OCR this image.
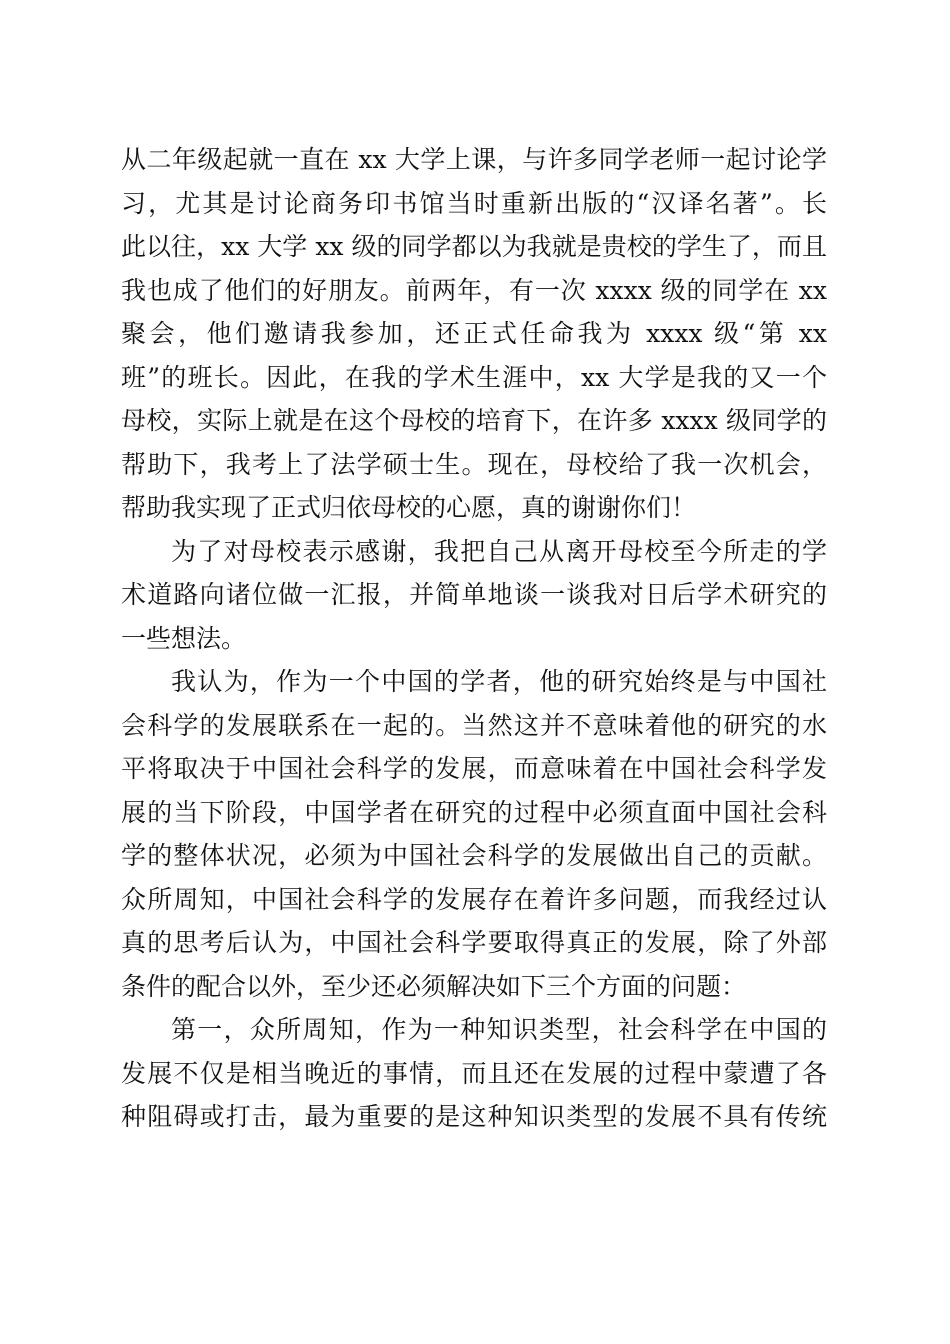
从二年级起就一直在 xx 大学上课，与许多同学老师一起讨论学
习，尤其是讨论商务印书馆当时重新出版的“汉译名著”。长
此以往，xx 大学 xx 级的同学都以为我就是贵校的学生了，而且
我也成了他们的好朋友。前两年，有一次 xxxx 级的同学在 xx
聚会，他们邀请我参加，还正式任命我为 xxxx 级“第 xx
班”的班长。因此，在我的学术生涯中，xx 大学是我的又一个
母校，实际上就是在这个母校的培育下，在许多 xxxx 级同学的
帮助下，我考上了法学硕士生。现在，母校给了我一次机会，
帮助我实现了正式归依母校的心愿，真的谢谢你们！
为了对母校表示感谢，我把自己从离开母校至今所走的学
术道路向诸位做一汇报，并简单地谈一谈我对日后学术研究的
一些想法。
我认为，作为一个中国的学者，他的研究始终是与中国社
会科学的发展联系在一起的。当然这并不意味着他的研究的水
平将取决于中国社会科学的发展，而意味着在中国社会科学发
展的当下阶段，中国学者在研究的过程中必须直面中国社会科
学的整体状况，必须为中国社会科学的发展做出自己的贡献。
众所周知，中国社会科学的发展存在着许多问题，而我经过认
真的思考后认为，中国社会科学要取得真正的发展，除了外部
条件的配合以外，至少还必须解决如下三个方面的问题：
第一，众所周知，作为一种知识类型，社会科学在中国的
发展不仅是相当晚近的事情，而且还在发展的过程中蒙遭了各
种阻碍或打击，最为重要的是这种知识类型的发展不具有传统
